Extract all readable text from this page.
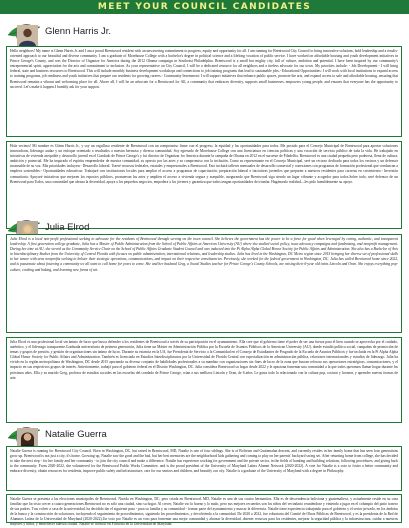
MEET YOUR COUNCIL CANDIDATES
Glenn Harris Jr.

Hello neighbors! My name is Glenn Harris Jr. and I am a proud Brentwood resident with an unwavering commitment to progress, equity and opportunity for all. I am running for Brentwood City Council to bring innovative solutions, bold leadership and a results-oriented approach to our beautiful and diverse community. I am a graduate of Morehouse College with a bachelor's degree in political science and a lifelong vocation of public service. I have worked on affordable housing and youth development initiatives in Prince George's County, and was the Director of Organize for America during the 2012 Obama campaign in Southeast Philadelphia. Brentwood is a small but mighty city, full of culture, ambition and potential. I have been inspired by our community's entrepreneurial spirit, appreciation for the arts and commitment to inclusion. As your representative on City Council, I will be a dedicated resource for all neighbors and a tireless advocate for our town. My priorities include: - Job Development - I will bring federal, state and business resources to Brentwood. This will include monthly business development workshops and connections to job training programs that lead to sustainable jobs.- Educational Opportunities: I will work with local institutions to expand access to training programs, job readiness and youth initiatives that prepare our residents for growing careers.- Community Investment: I will support initiatives that enhance public spaces, promote the arts, and expand access to safe and affordable housing, ensuring that Brentwood remains a vibrant and welcoming place for all. Above all, I will be an advocate for a Brentwood for All, a community that embraces diversity, supports small businesses, empowers young people, and ensures that everyone has the opportunity to succeed. Let's make it happen.I humbly ask for your support.

Hola vecinos! Mi nombre es Glenn Harris Jr., y soy un orgulloso residente de Brentwood con un compromiso firme con el progreso, la equidad y las oportunidades para todos. Me postulo para el Concejo Municipal de Brentwood para aportar soluciones innovadoras, liderazgo audaz y un enfoque orientado a resultados a nuestra hermosa y diversa comunidad. Soy egresado de Morehouse College con una licenciatura en ciencias políticas y una vocación de servicio público de toda la vida. He trabajado en iniciativas de vivienda asequible y desarrollo juvenil en el Condado de Prince George's y fui director de Organizar for America durante la campaña de Obama en 2012 en el suroeste de Filadelfia. Brentwood es una ciudad pequeña pero poderosa, llena de cultura, ambición y potencial. Me ha inspirado el espíritu emprendedor de nuestra comunidad, su aprecio por las artes y su compromiso con la inclusión. Como su representante en el Concejo Municipal, seré un recurso dedicado para todos los vecinos y un defensor incansable de su voz. Mis prioridades incluyen:- Desarrollo laboral: Traeré recursos federales, estatales y empresariales a Brentwood. Esto incluirá talleres mensuales de desarrollo comercial y conexiones con programas de formación profesional que conduzcan a empleos sostenibles.- Oportunidades educativas: Trabajaré con instituciones locales para ampliar el acceso a programas de capacitación, preparación laboral e iniciativas juveniles que preparen a nuestros residentes para carreras en crecimiento.- Inversión comunitaria: Apoyaré iniciativas que mejoren los espacios públicos, promuevan las artes y amplíen el acceso a vivienda segura y asequible, asegurando que Brentwood siga siendo un lugar vibrante y acogedor para todos.Sobre todo, seré defensor de un Brentwood para Todos, una comunidad que abraza la diversidad, apoya a los pequeños negocios, empodera a los jóvenes y garantiza que todos tengan oportunidades de triunfar. Hagámoslo realidad—les pido humildemente su apoyo.

Julia Elrod

Julia Elrod is a local non-profit professional seeking to advocate for the residents of Brentwood through serving on the town council. She believes the government has the power to be a force for good when leveraged by caring, authentic, and transparent leadership. A first generation college graduate, Julia has a Master of Public Administration from the School of Public Affairs at American University (AU) where she studied social policy, issue advocacy campaigns and fundraising, and nonprofit management. During her time at AU, she served as the Community Service Chair on the School of Public Affairs Graduate Student Council and was inducted into the Pi Alpha Alpha Global Honor Society for Public Affairs and Administration. She also has a Bachelor of Arts in Interdisciplinary Studies from the University of Central Florida with focuses on public administration, international relations, and leadership studies. Julia has lived in the Washington, DC Metro region since 2015 bringing her diverse set of professional skills to her tenure with area nonprofits seeking to bolster their strategic operations, communications, and impact on their respective constituencies. Previously, she worked for the federal government in Washington, DC. Julia has called Brentwood home since 2022, and is passionate about fostering a community we all want to call home for years to come. She and her husband Greg, a Social Studies teacher for Prince George's County Schools, are raising their 6-year old twins Lincoln and Oran. She enjoys everything pop-culture, cooking and baking, and learning new forms of art.

Julia Elrod es una profesional local sin ánimo de lucro que busca defender a los residentes de Brentwood a través de su participación en el ayuntamiento. Ella cree que el gobierno tiene el poder de ser una fuerza para el bien cuando se aprovecha por el cuidado, auténtico, y el liderazgo transparente.Graduada universitaria de primera generación, Julia tiene un Máster en Administración Pública por la Escuela de Asuntos Públicos de la American University (AU), donde estudió política social, campañas de promoción de temas y grupos de presión, y gestión de organizaciones sin ánimo de lucro. Durante su estancia en la UA, fue Presidenta de Servicio a la Comunidad en el Consejo de Estudiantes de Posgrado de la Escuela de Asuntos Públicos y fue incluida en la Pi Alpha Alpha Global Honor Society for Public Affairs and Administration. También es licenciada en Estudios Interdisciplinarios por la Universidad de Florida Central con especialización en administración pública, relaciones internacionales y estudios de liderazgo. Julia ha vivido en la región metropolitana de Washington, DC desde 2015 aportando su diverso conjunto de habilidades profesionales a su mandato con organizaciones sin fines de lucro de la zona que buscan reforzar sus operaciones estratégicas, comunicaciones, y el impacto en sus respectivos grupos de interés. Anteriormente, trabajó para el gobierno federal en el Distrito Washington, DC. Julia considera Brentwood su hogar desde 2022 y le apasiona fomentar una comunidad a la que todos queramos llamar hogar durante los próximos años. Ella y su marido Greg, profesor de estudios sociales en las escuelas del condado de Prince George, crían a sus mellizos Lincoln y Oran, de 6 años. Le gusta todo lo relacionado con la cultura pop, cocinar y hornear, y aprender nuevas formas de arte.

Natalie Guerra

Natalie Guerra is running for Brentwood City Council. Born in Washington, DC, but raised in Brentwood, MD, Natalie is one of four siblings. She is of Bolivian and Guatemalan descent, and currently resides in her family home that has seen four generations grow up. Brentwood is not just a city, it's home. Growing up, Natalie saw the good and the bad, but her best memories are the neighborhood kids gathering and coming to play on her parents' backyard swing set. After returning home from college, she has decided to take the next step - for her family and her community - to join the city council and make a difference. Natalie has experience working for government and the private sector, in the fields of banking and building solutions, following procedures, and giving back to the community. From 2020-2022, she volunteered for the Brentwood Public Works Committee, and is the proud president of the University of Maryland Latinx Alumni Network (2020-2022). A vote for Natalie is a vote to foster a better community and embrace diversity, obtain resources for residents, improve public safety and infrastructure, care for our seniors and children, and beautify our city. Natalie is a graduate of the University of Maryland with a degree in Philosophy.

Natalie Guerra se presenta a las elecciones municipales de Brentwood. Nacida en Washington, DC, pero criada en Brentwood, MD, Natalie es una de sus cuatro hermanitos. Ella es de descendencia boliviana y guatemalteca, y actualmente reside en su casa familiar que ha visto crecer a cuatro generaciones.Brentwood no es sólo una ciudad, sino su hogar. Al crecer, Natalie vio lo bueno y lo malo, pero sus mejores recuerdos son los niños del vecindario reuniéndose y viniendo a jugar en el columpio del patio trasero de sus padres. Tras volver a casa de la universidad, ha decidido dar el siguiente paso - para su familia y su comunidad - formar parte del ayuntamiento y marcar la diferencia. Natalie tiene experiencia trabajando para el gobierno y el sector privado, en los ámbitos de la banca y la construcción de soluciones, incluyendo el seguimiento de procedimientos, siguiendo los procedimientos, y devolviendo a la comunidad. De 2020 a 2022, fue voluntaria del Comité de Obras Públicas de Brentwood, y es la presidenta de la Red de Alumnos Latinx de la Universidad de Maryland (2020-2022).Un voto por Natalie es un voto para fomentar una mejor comunidad y abrazar la diversidad, obtener recursos para los residentes, mejorar la seguridad pública y la infraestructura, cuidar a nuestros mayores y niños, y embellecer nuestra ciudad. Natalie se licenció en Filosofía en la Universidad de Maryland.
